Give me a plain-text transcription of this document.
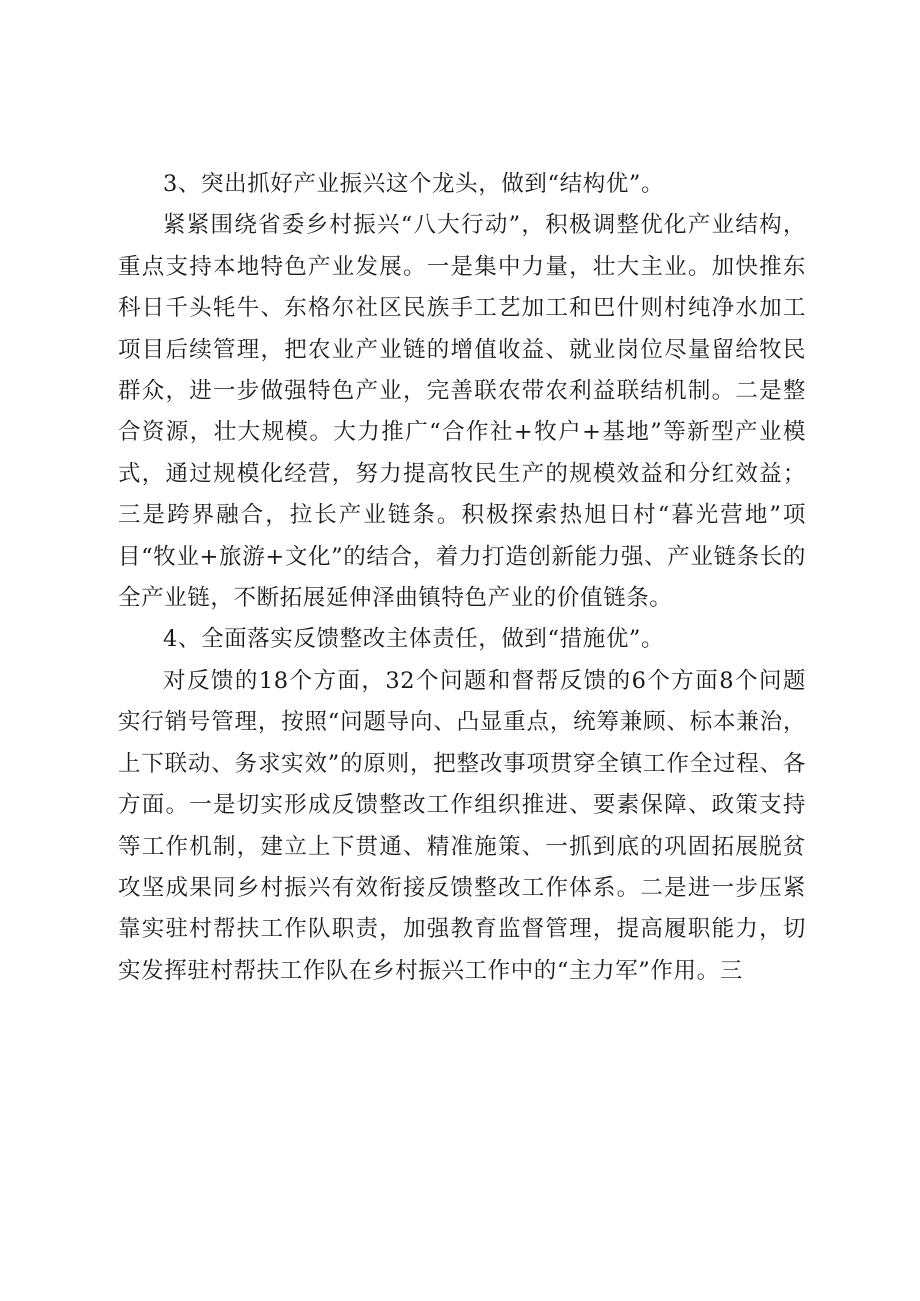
3、突出抓好产业振兴这个龙头，做到“结构优”。

紧紧围绕省委乡村振兴“八大行动”，积极调整优化产业结构，重点支持本地特色产业发展。一是集中力量，壮大主业。加快推东科日千头牦牛、东格尔社区民族手工艺加工和巴什则村纯净水加工项目后续管理，把农业产业链的增值收益、就业岗位尽量留给牧民群众，进一步做强特色产业，完善联农带农利益联结机制。二是整合资源，壮大规模。大力推广“合作社+牧户+基地”等新型产业模式，通过规模化经营，努力提高牧民生产的规模效益和分红效益；三是跨界融合，拉长产业链条。积极探索热旭日村“暮光营地”项目“牧业+旅游+文化”的结合，着力打造创新能力强、产业链条长的全产业链，不断拓展延伸泽曲镇特色产业的价值链条。

4、全面落实反馈整改主体责任，做到“措施优”。

对反馈的18个方面，32个问题和督帮反馈的6个方面8个问题实行销号管理，按照“问题导向、凸显重点，统筹兼顾、标本兼治，上下联动、务求实效”的原则，把整改事项贯穿全镇工作全过程、各方面。一是切实形成反馈整改工作组织推进、要素保障、政策支持等工作机制，建立上下贯通、精准施策、一抓到底的巩固拓展脱贫攻坚成果同乡村振兴有效衔接反馈整改工作体系。二是进一步压紧靠实驻村帮扶工作队职责，加强教育监督管理，提高履职能力，切实发挥驻村帮扶工作队在乡村振兴工作中的“主力军”作用。三
